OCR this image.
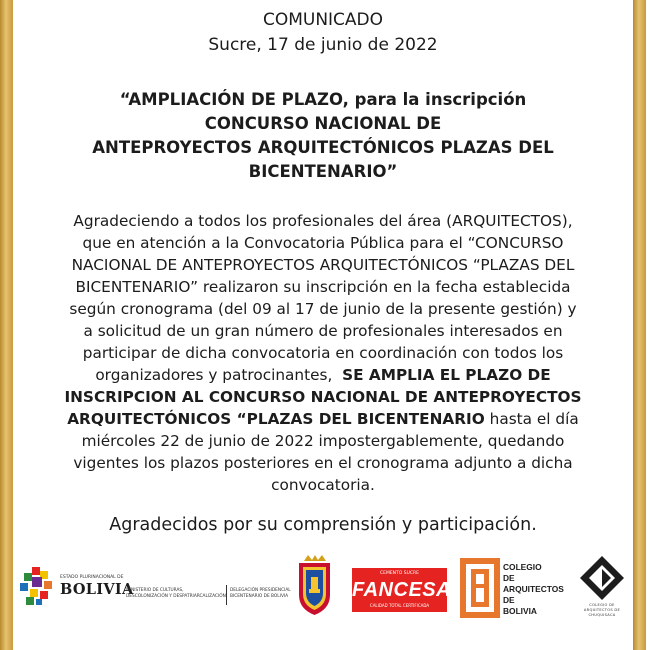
COMUNICADO
Sucre, 17 de junio de 2022
“AMPLIACIÓN DE PLAZO, para la inscripción
CONCURSO NACIONAL DE
ANTEPROYECTOS ARQUITECTÓNICOS PLAZAS DEL
BICENTENARIO”
Agradeciendo a todos los profesionales del área (ARQUITECTOS),
que en atención a la Convocatoria Pública para el “CONCURSO
NACIONAL DE ANTEPROYECTOS ARQUITECTÓNICOS “PLAZAS DEL
BICENTENARIO” realizaron su inscripción en la fecha establecida
según cronograma (del 09 al 17 de junio de la presente gestión) y
a solicitud de un gran número de profesionales interesados en
participar de dicha convocatoria en coordinación con todos los
organizadores y patrocinantes, SE AMPLIA EL PLAZO DE
INSCRIPCION AL CONCURSO NACIONAL DE ANTEPROYECTOS
ARQUITECTÓNICOS “PLAZAS DEL BICENTENARIO hasta el día
miércoles 22 de junio de 2022 impostergablemente, quedando
vigentes los plazos posteriores en el cronograma adjunto a dicha
convocatoria.
Agradecidos por su comprensión y participación.
ESTADO PLURINACIONAL DE
BOLIVIA
MINISTERIO DE CULTURAS, DESCOLONIZACIÓN Y DESPATRIARCALIZACIÓN
DELEGACIÓN PRESIDENCIAL BICENTENARIO DE BOLIVIA
CEMENTO SUCRE
FANCESA
CALIDAD TOTAL CERTIFICADA
COLEGIO
DE
ARQUITECTOS
DE
BOLIVIA
COLEGIO DE ARQUITECTOS DE CHUQUISACA
